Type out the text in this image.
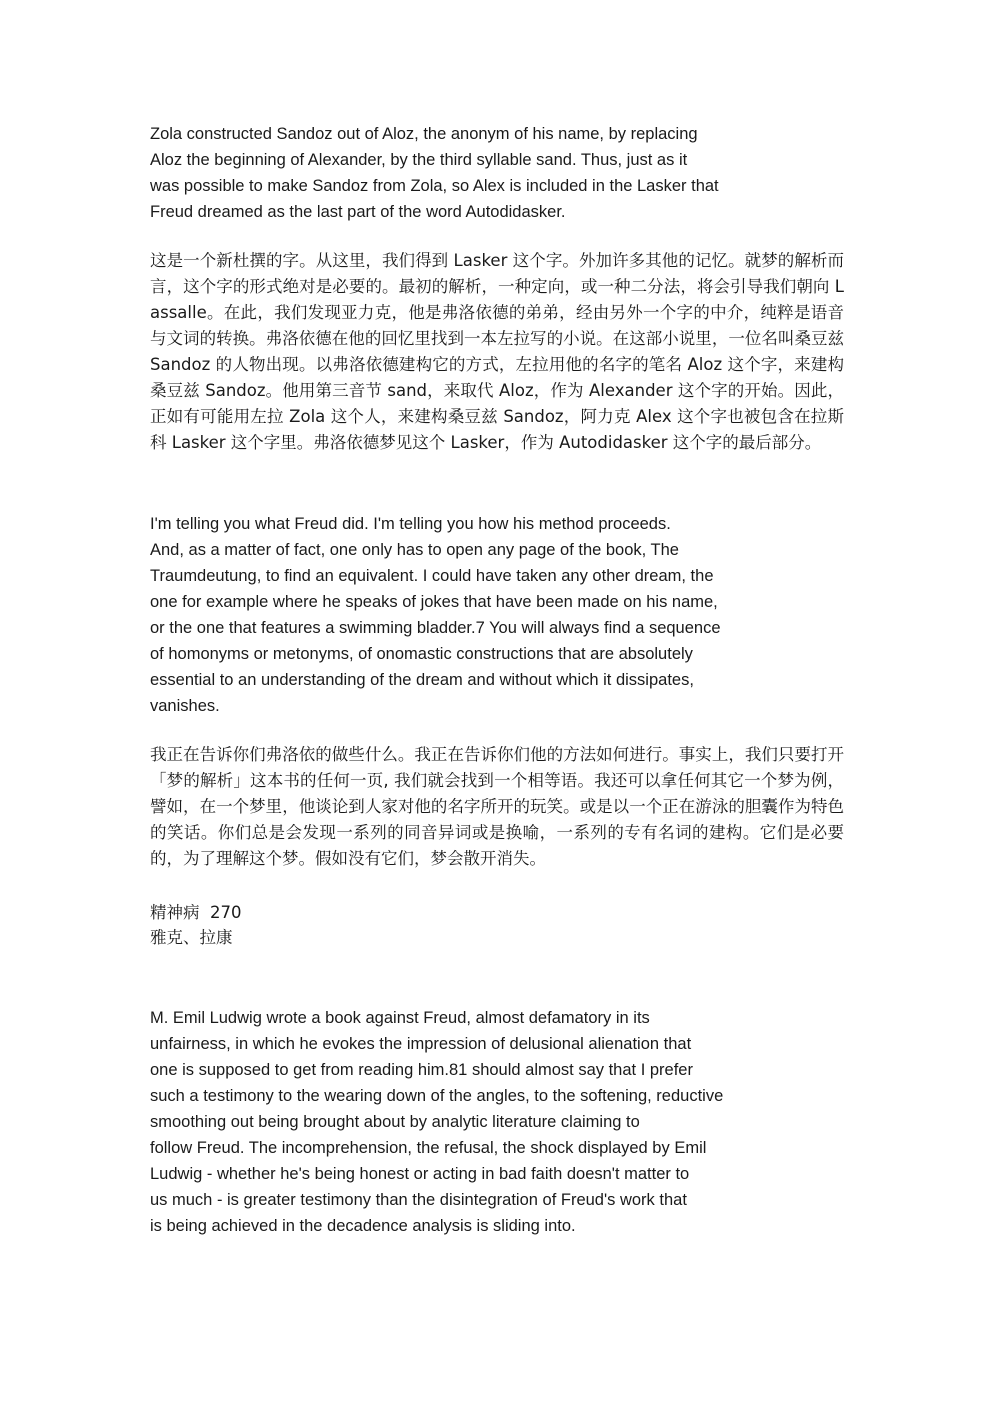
Zola constructed Sandoz out of Aloz, the anonym of his name, by replacing
Aloz the beginning of Alexander, by the third syllable sand. Thus, just as it
was possible to make Sandoz from Zola, so Alex is included in the Lasker that
Freud dreamed as the last part of the word Autodidasker.

这是一个新杜撰的字。从这里，我们得到 Lasker 这个字。外加许多其他的记忆。就梦的解析而言，这个字的形式绝对是必要的。最初的解析，一种定向，或一种二分法，将会引导我们朝向 Lassalle。在此，我们发现亚力克，他是弗洛依德的弟弟，经由另外一个字的中介，纯粹是语音与文词的转换。弗洛依德在他的回忆里找到一本左拉写的小说。在这部小说里，一位名叫桑豆兹 Sandoz 的人物出现。以弗洛依德建构它的方式，左拉用他的名字的笔名 Aloz 这个字，来建构桑豆兹 Sandoz。他用第三音节 sand，来取代 Aloz，作为 Alexander 这个字的开始。因此，正如有可能用左拉 Zola 这个人，来建构桑豆兹 Sandoz，阿力克 Alex 这个字也被包含在拉斯科 Lasker 这个字里。弗洛依德梦见这个 Lasker，作为 Autodidasker 这个字的最后部分。

I'm telling you what Freud did. I'm telling you how his method proceeds.
And, as a matter of fact, one only has to open any page of the book, The
Traumdeutung, to find an equivalent. I could have taken any other dream, the
one for example where he speaks of jokes that have been made on his name,
or the one that features a swimming bladder.7 You will always find a sequence
of homonyms or metonyms, of onomastic constructions that are absolutely
essential to an understanding of the dream and without which it dissipates,
vanishes.

我正在告诉你们弗洛依的做些什么。我正在告诉你们他的方法如何进行。事实上，我们只要打开「梦的解析」这本书的任何一页, 我们就会找到一个相等语。我还可以拿任何其它一个梦为例，譬如，在一个梦里，他谈论到人家对他的名字所开的玩笑。或是以一个正在游泳的胆囊作为特色的笑话。你们总是会发现一系列的同音异词或是换喻，一系列的专有名词的建构。它们是必要的，为了理解这个梦。假如没有它们，梦会散开消失。

精神病 270
雅克、拉康
M. Emil Ludwig wrote a book against Freud, almost defamatory in its
unfairness, in which he evokes the impression of delusional alienation that
one is supposed to get from reading him.81 should almost say that I prefer
such a testimony to the wearing down of the angles, to the softening, reductive
smoothing out being brought about by analytic literature claiming to
follow Freud. The incomprehension, the refusal, the shock displayed by Emil
Ludwig - whether he's being honest or acting in bad faith doesn't matter to
us much - is greater testimony than the disintegration of Freud's work that
is being achieved in the decadence analysis is sliding into.
